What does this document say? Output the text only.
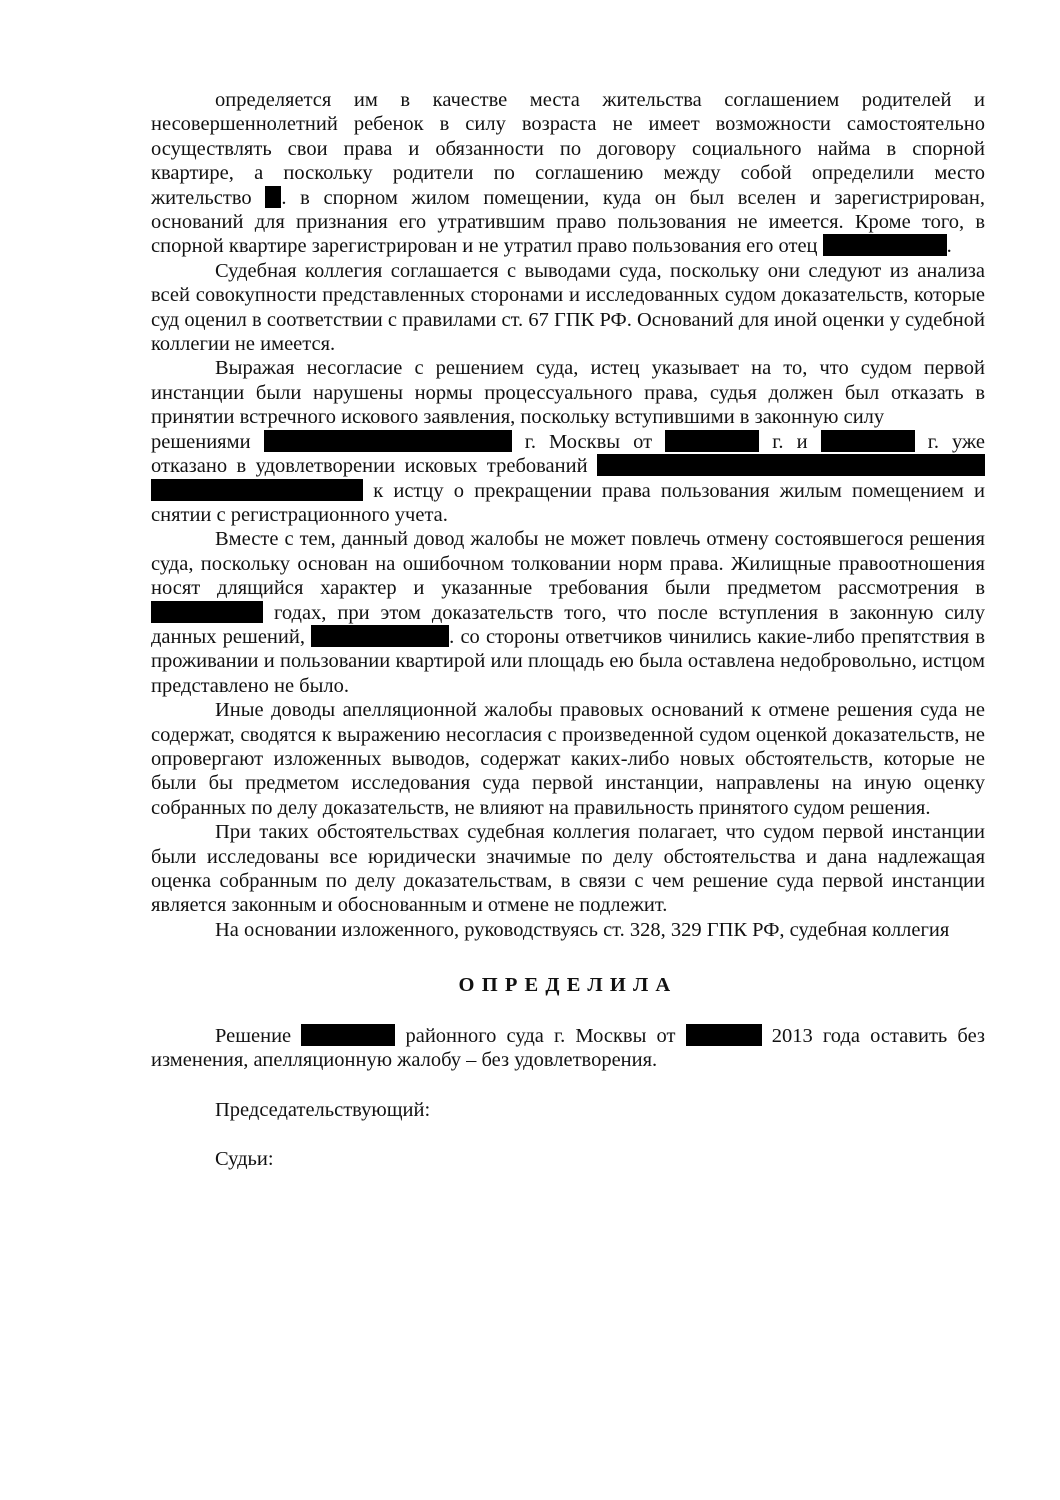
определяется им в качестве места жительства соглашением родителей и

несовершеннолетний ребенок в силу возраста не имеет возможности самостоятельно

осуществлять свои права и обязанности по договору социального найма в спорной

квартире, а поскольку родители по соглашению между собой определили место

жительство . в спорном жилом помещении, куда он был вселен и зарегистрирован,

оснований для признания его утратившим право пользования не имеется. Кроме того, в

спорной квартире зарегистрирован и не утратил право пользования его отец	.

Судебная коллегия соглашается с выводами суда, поскольку они следуют из анализа всей совокупности представленных сторонами и исследованных судом доказательств, которые суд оценил в соответствии с правилами ст. 67 ГПК РФ. Оснований для иной оценки у судебной коллегии не имеется.

Выражая несогласие с решением суда, истец указывает на то, что судом первой инстанции были нарушены нормы процессуального права, судья должен был отказать в принятии встречного искового заявления, поскольку вступившими в законную силу

решениями	г. Москвы от	г. и	г. уже

отказано в удовлетворении исковых требований   к истцу о прекращении права пользования жилым помещением и снятии с регистрационного учета.

Вместе с тем, данный довод жалобы не может повлечь отмену состоявшегося решения суда, поскольку основан на ошибочном толковании норм права. Жилищные правоотношения носят длящийся характер и указанные требования были предметом рассмотрения в  годах, при этом доказательств того, что после вступления в законную силу данных решений,	. со стороны ответчиков чинились какие-либо препятствия в проживании и пользовании квартирой или площадь ею была оставлена недобровольно, истцом представлено не было.

Иные доводы апелляционной жалобы правовых оснований к отмене решения суда не содержат, сводятся к выражению несогласия с произведенной судом оценкой доказательств, не опровергают изложенных выводов, содержат каких-либо новых обстоятельств, которые не были бы предметом исследования суда первой инстанции, направлены на иную оценку собранных по делу доказательств, не влияют на правильность принятого судом решения.

При таких обстоятельствах судебная коллегия полагает, что судом первой инстанции были исследованы все юридически значимые по делу обстоятельства и дана надлежащая оценка собранным по делу доказательствам, в связи с чем решение суда первой инстанции является законным и обоснованным и отмене не подлежит.

На основании изложенного, руководствуясь ст. 328, 329 ГПК РФ, судебная коллегия

ОПРЕДЕЛИЛА

Решение	районного суда г. Москвы от	2013 года оставить без изменения, апелляционную жалобу – без удовлетворения.

Председательствующий:

Судьи:
